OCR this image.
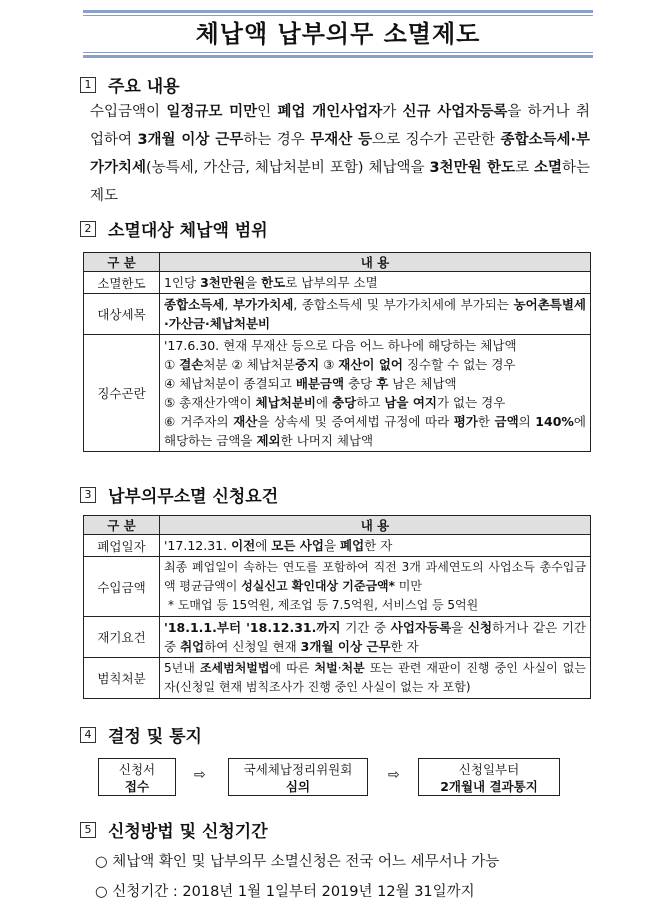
체납액 납부의무 소멸제도
1 주요 내용
수입금액이 일정규모 미만인 폐업 개인사업자가 신규 사업자등록을 하거나 취업하여 3개월 이상 근무하는 경우 무재산 등으로 징수가 곤란한 종합소득세·부가가치세(농특세, 가산금, 체납처분비 포함) 체납액을 3천만원 한도로 소멸하는 제도
2 소멸대상 체납액 범위
구 분	내 용
소멸한도	1인당 3천만원을 한도로 납부의무 소멸
대상세목	종합소득세, 부가가치세, 종합소득세 및 부가가치세에 부가되는 농어촌특별세·가산금·체납처분비
징수곤란	'17.6.30. 현재 무재산 등으로 다음 어느 하나에 해당하는 체납액
① 결손처분 ② 체납처분중지 ③ 재산이 없어 징수할 수 없는 경우
④ 체납처분이 종결되고 배분금액 충당 후 남은 체납액
⑤ 총재산가액이 체납처분비에 충당하고 남을 여지가 없는 경우
⑥ 거주자의 재산을 상속세 및 증여세법 규정에 따라 평가한 금액의 140%에 해당하는 금액을 제외한 나머지 체납액
3 납부의무소멸 신청요건
구 분	내 용
폐업일자	'17.12.31. 이전에 모든 사업을 폐업한 자
수입금액	최종 폐업일이 속하는 연도를 포함하여 직전 3개 과세연도의 사업소득 총수입금액 평균금액이 성실신고 확인대상 기준금액* 미만
* 도매업 등 15억원, 제조업 등 7.5억원, 서비스업 등 5억원

재기요건	'18.1.1.부터 '18.12.31.까지 기간 중 사업자등록을 신청하거나 같은 기간 중 취업하여 신청일 현재 3개월 이상 근무한 자
범칙처분	5년내 조세범처벌법에 따른 처벌·처분 또는 관련 재판이 진행 중인 사실이 없는 자(신청일 현재 범칙조사가 진행 중인 사실이 없는 자 포함)
4 결정 및 통지
신청서
접수
⇨	국세체납정리위원회
심의
⇨	신청일부터
2개월내 결과통지
5 신청방법 및 신청기간
○ 체납액 확인 및 납부의무 소멸신청은 전국 어느 세무서나 가능
○ 신청기간 : 2018년 1월 1일부터 2019년 12월 31일까지
